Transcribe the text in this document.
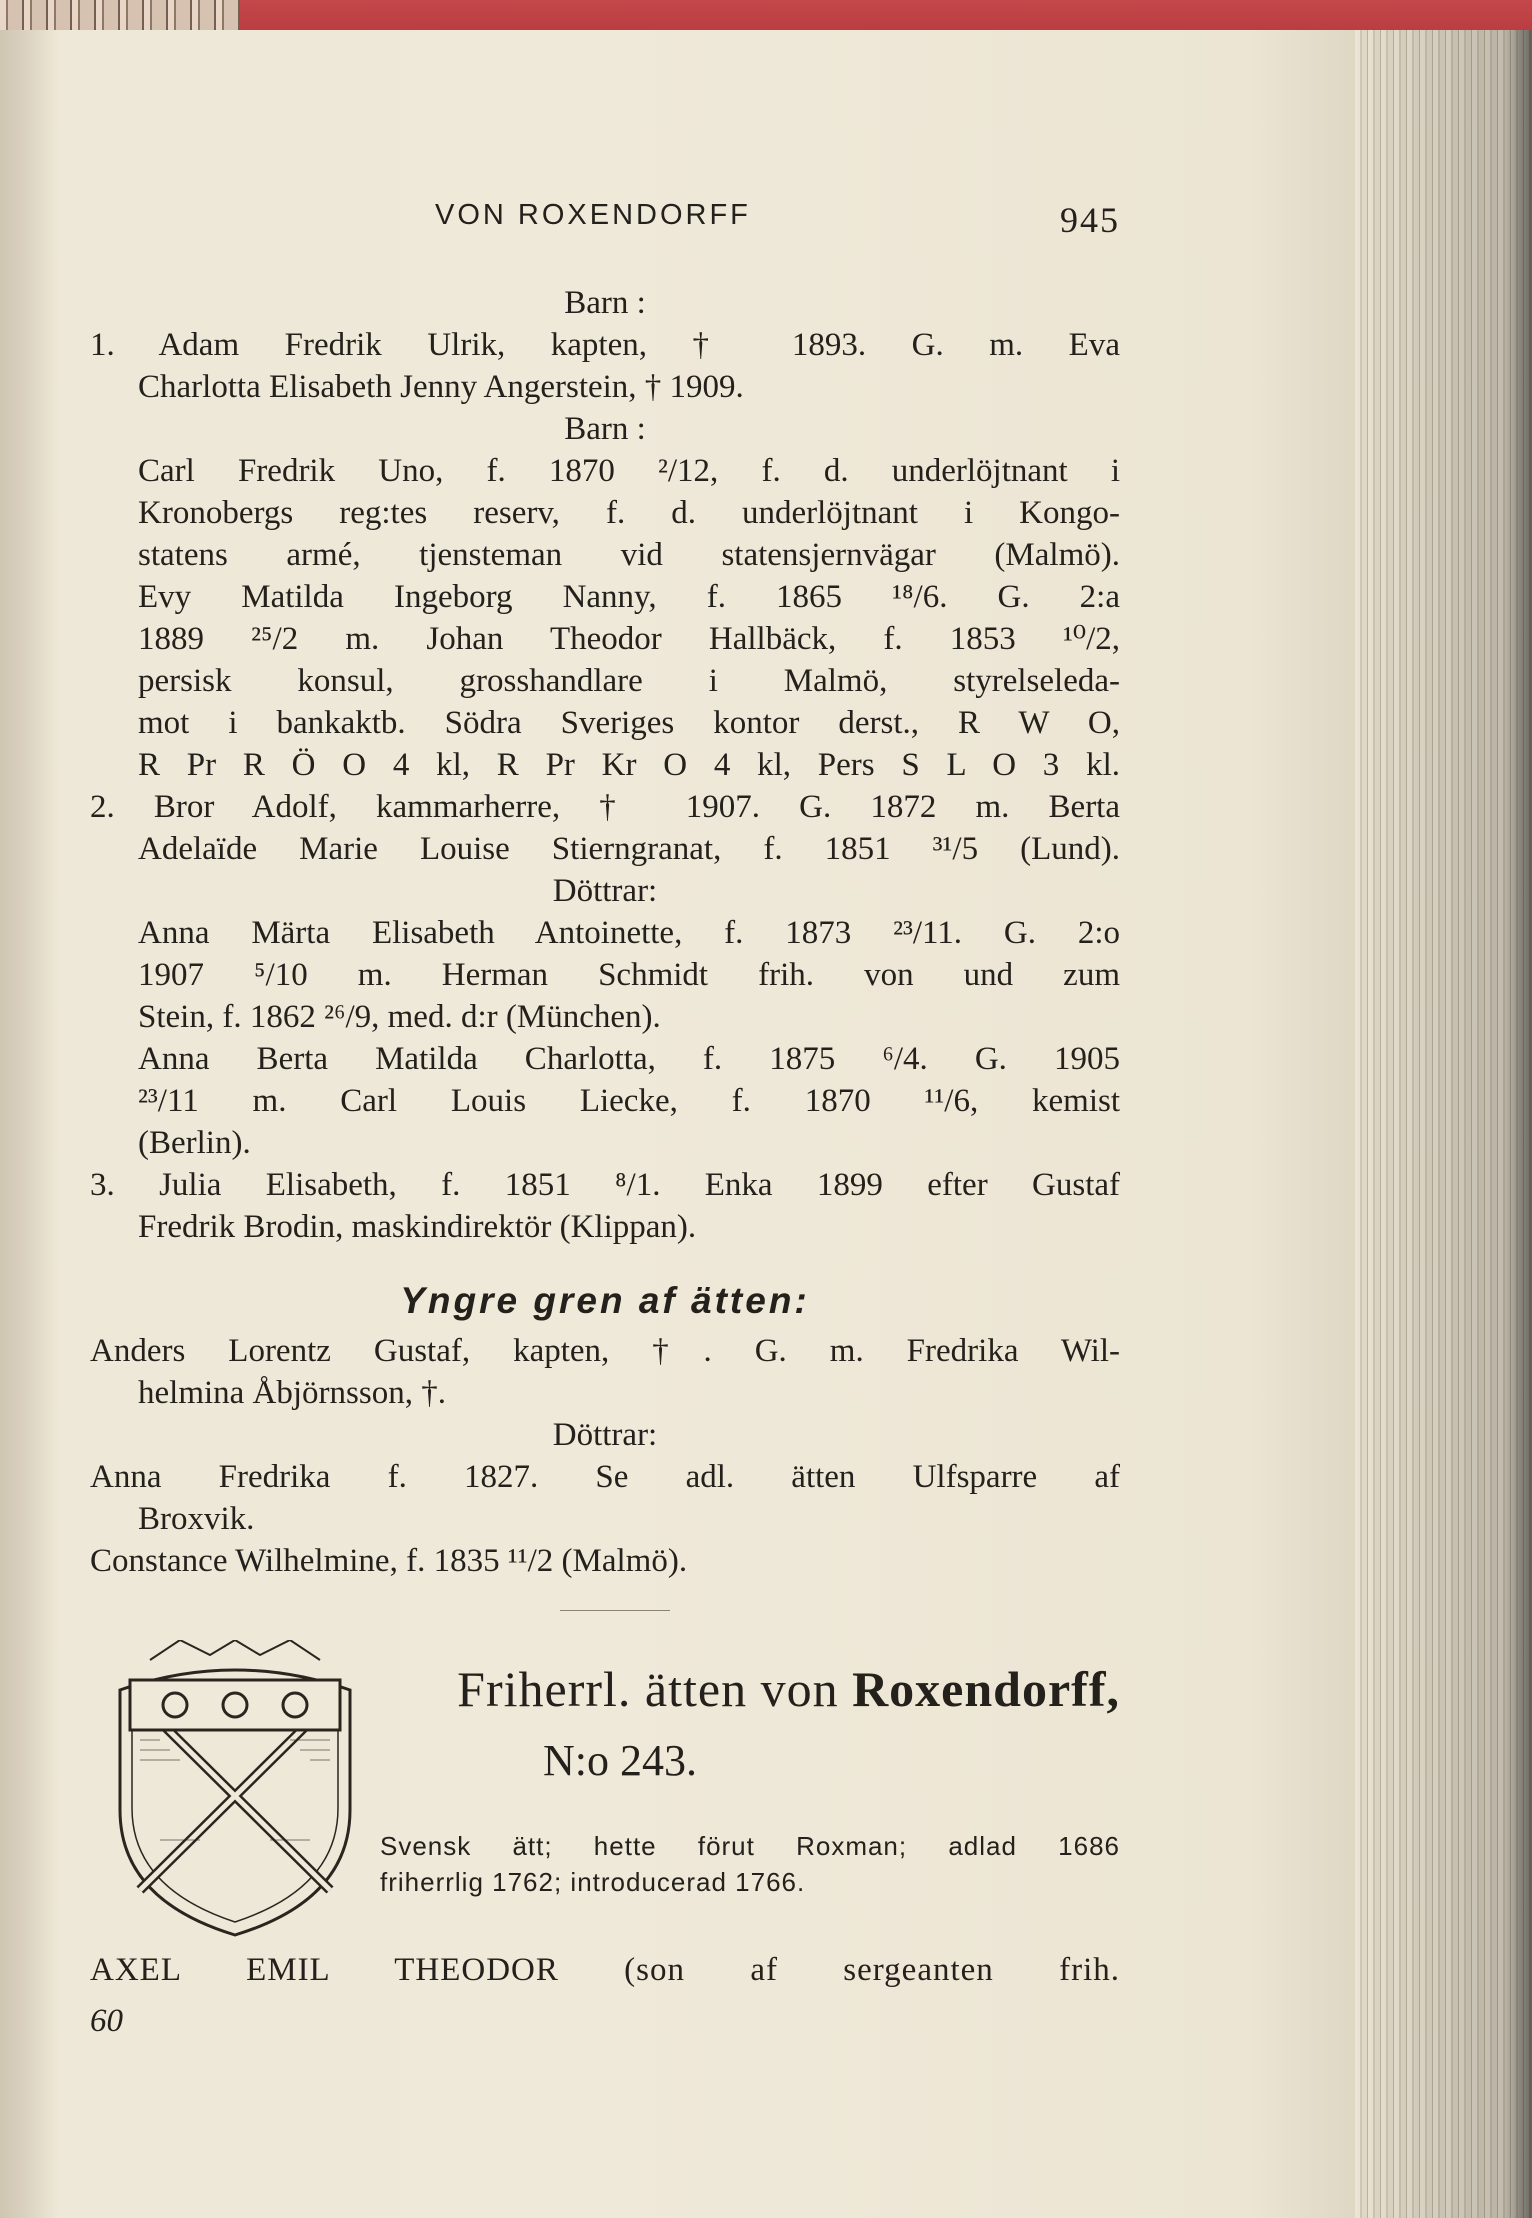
VON ROXENDORFF	945
Barn :
1. Adam Fredrik Ulrik, kapten, † 1893. G. m. Eva
Charlotta Elisabeth Jenny Angerstein, † 1909.
Barn :
Carl Fredrik Uno, f. 1870 ²/12, f. d. underlöjtnant i
Kronobergs reg:tes reserv, f. d. underlöjtnant i Kongo-
statens armé, tjensteman vid statensjernvägar (Malmö).
Evy Matilda Ingeborg Nanny, f. 1865 ¹⁸/6. G. 2:a
1889 ²⁵/2 m. Johan Theodor Hallbäck, f. 1853 ¹⁰/2,
persisk konsul, grosshandlare i Malmö, styrelseleda-
mot i bankaktb. Södra Sveriges kontor derst., R W O,
R Pr R Ö O 4 kl, R Pr Kr O 4 kl, Pers S L O 3 kl.
2. Bror Adolf, kammarherre, † 1907. G. 1872 m. Berta
Adelaïde Marie Louise Stierngranat, f. 1851 ³¹/5 (Lund).
Döttrar:
Anna Märta Elisabeth Antoinette, f. 1873 ²³/11. G. 2:o
1907 ⁵/10 m. Herman Schmidt frih. von und zum
Stein, f. 1862 ²⁶/9, med. d:r (München).
Anna Berta Matilda Charlotta, f. 1875 ⁶/4. G. 1905
²³/11 m. Carl Louis Liecke, f. 1870 ¹¹/6, kemist
(Berlin).
3. Julia Elisabeth, f. 1851 ⁸/1. Enka 1899 efter Gustaf
Fredrik Brodin, maskindirektör (Klippan).
Anders Lorentz Gustaf, kapten, †. G. m. Fredrika Wil-
helmina Åbjörnsson, †.
Döttrar:
Anna Fredrika f. 1827. Se adl. ätten Ulfsparre af
Broxvik.
Constance Wilhelmine, f. 1835 ¹¹/2 (Malmö).
Yngre gren af ätten:
Friherrl. ätten von Roxendorff,
N:o 243.
Svensk ätt; hette förut Roxman; adlad 1686
friherrlig 1762; introducerad 1766.
AXEL EMIL THEODOR (son af sergeanten frih.
60
